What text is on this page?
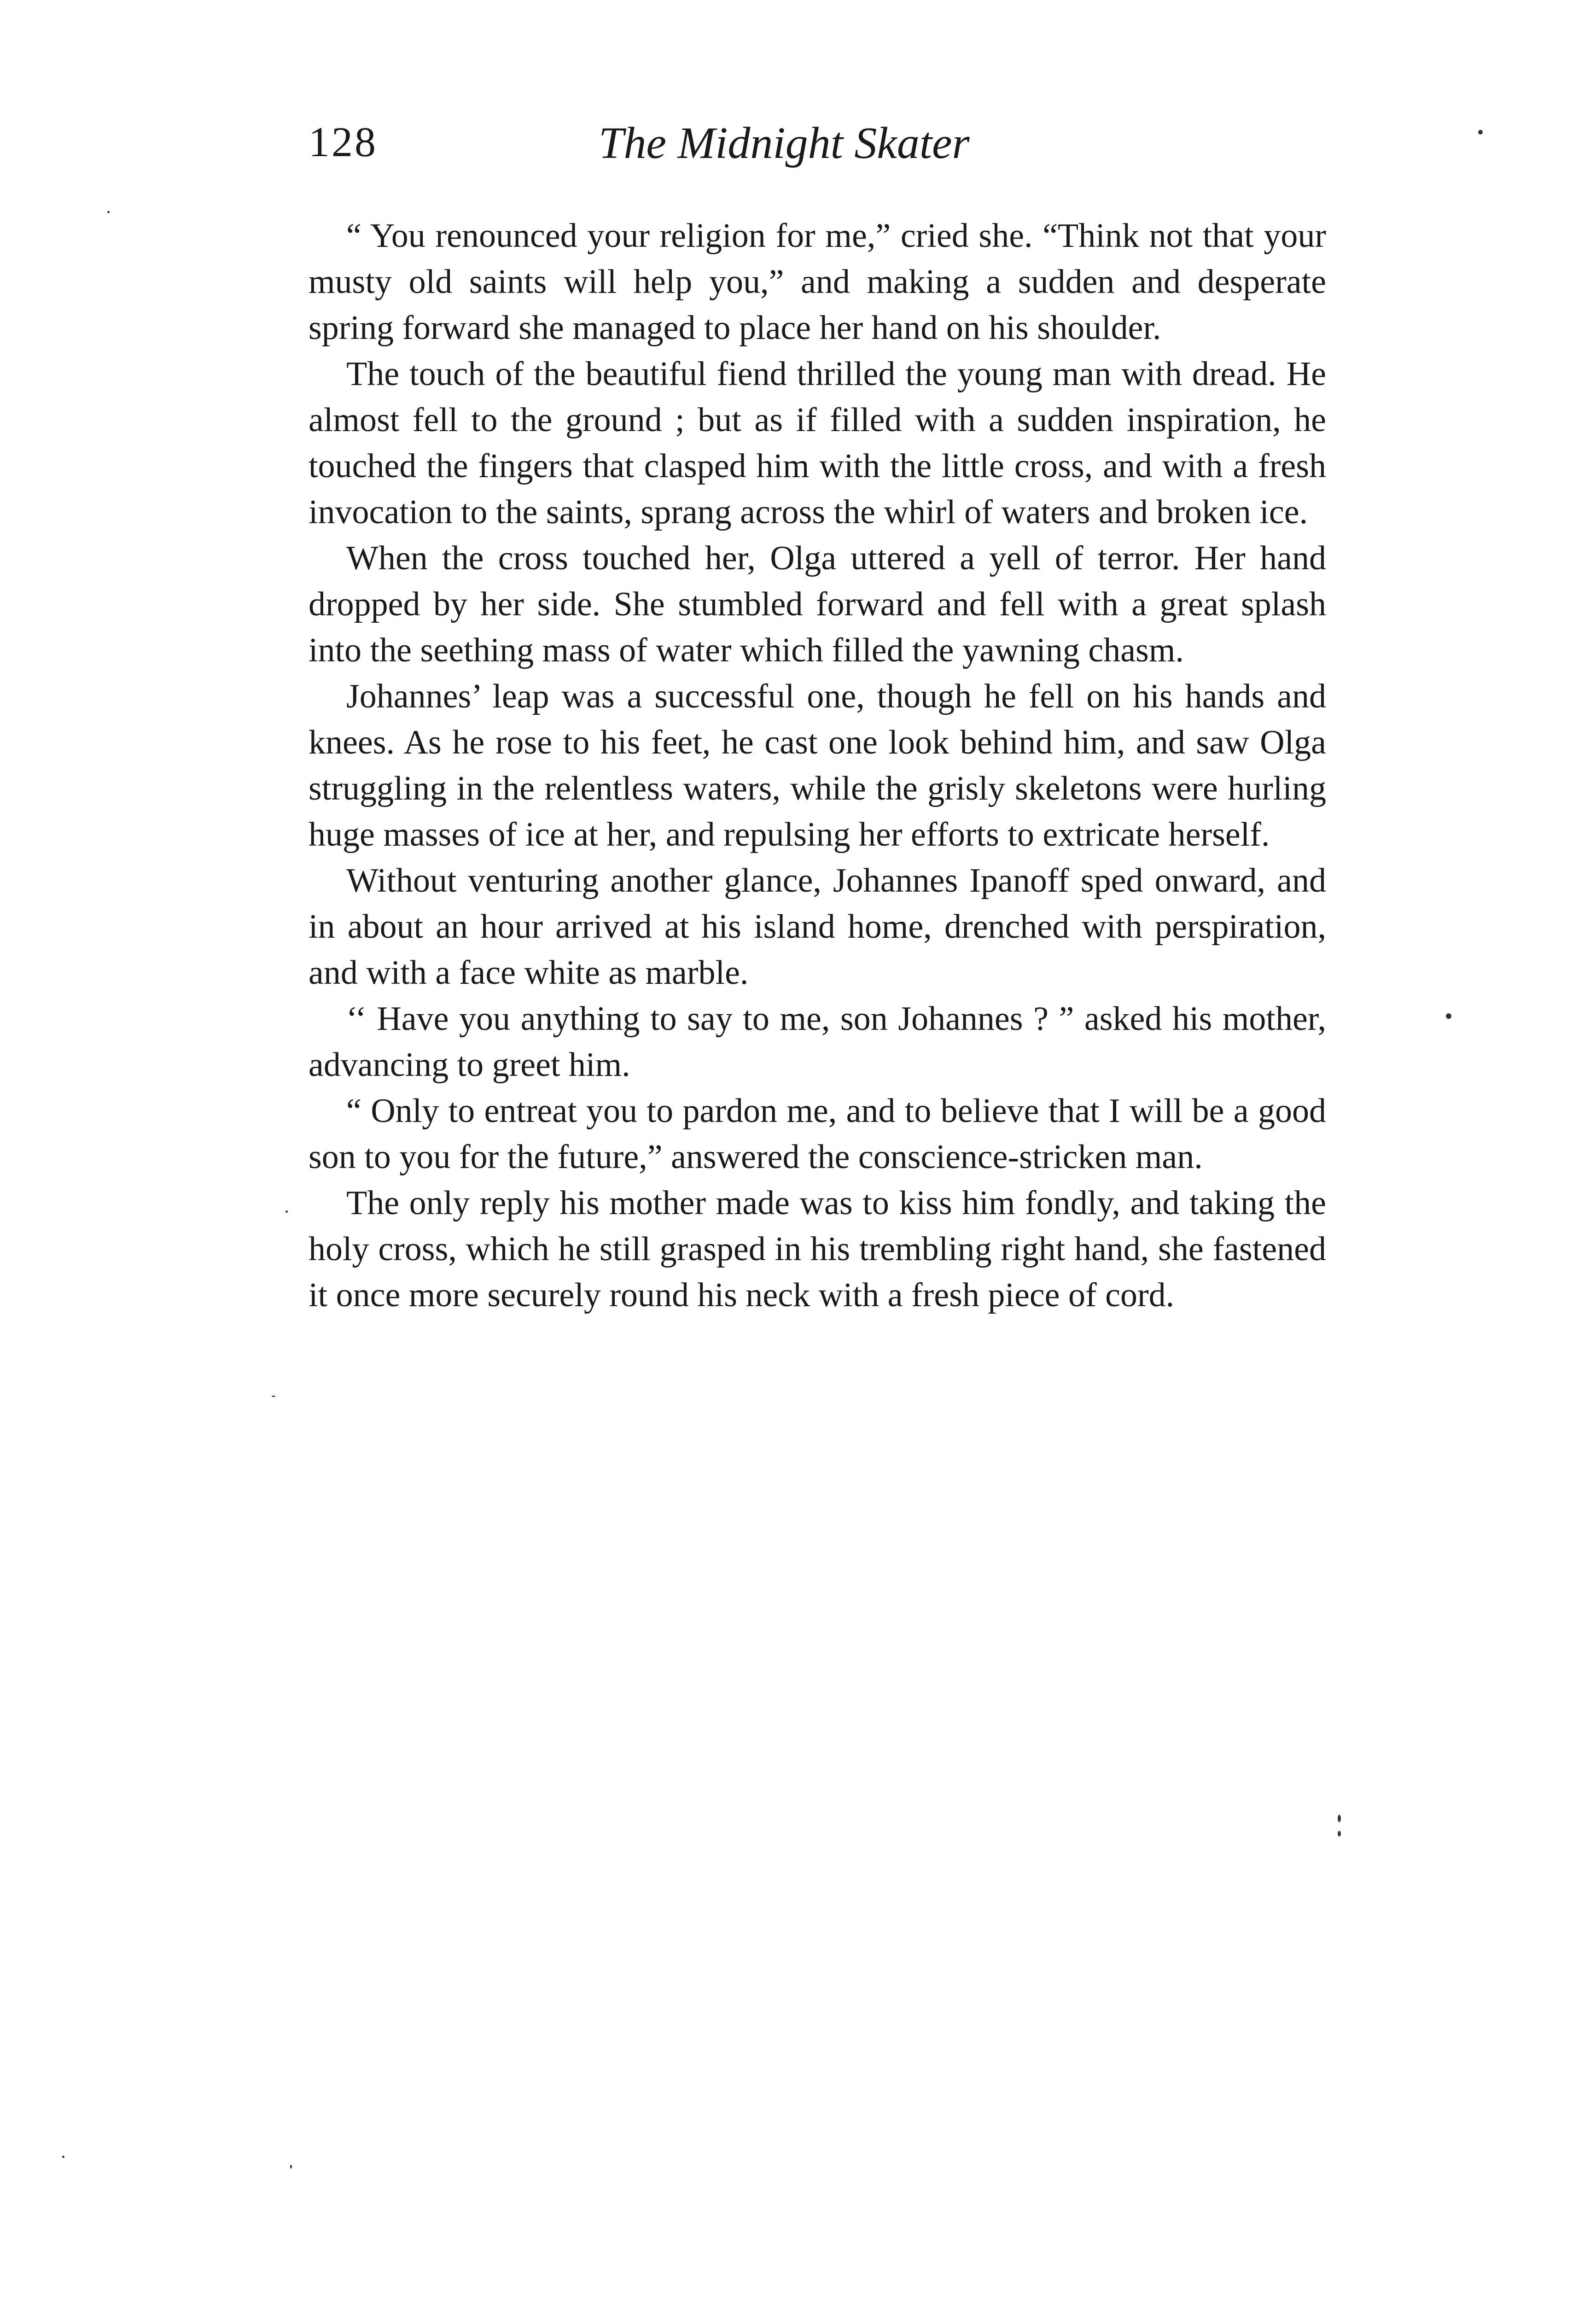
128	The Midnight Skater

“ You renounced your religion for me,” cried she. “Think not that your musty old saints will help you,” and making a sudden and desperate spring forward she managed to place her hand on his shoulder.

The touch of the beautiful fiend thrilled the young man with dread. He almost fell to the ground ; but as if filled with a sudden inspiration, he touched the fingers that clasped him with the little cross, and with a fresh invocation to the saints, sprang across the whirl of waters and broken ice.

When the cross touched her, Olga uttered a yell of terror. Her hand dropped by her side. She stumbled forward and fell with a great splash into the seething mass of water which filled the yawning chasm.

Johannes’ leap was a successful one, though he fell on his hands and knees. As he rose to his feet, he cast one look behind him, and saw Olga struggling in the relentless waters, while the grisly skeletons were hurling huge masses of ice at her, and repulsing her efforts to extricate herself.

Without venturing another glance, Johannes Ipanoff sped onward, and in about an hour arrived at his island home, drenched with perspiration, and with a face white as marble.

‘‘ Have you anything to say to me, son Johannes ? ” asked his mother, advancing to greet him.

“ Only to entreat you to pardon me, and to believe that I will be a good son to you for the future,” answered the conscience-stricken man.

The only reply his mother made was to kiss him fondly, and taking the holy cross, which he still grasped in his trembling right hand, she fastened it once more securely round his neck with a fresh piece of cord.
